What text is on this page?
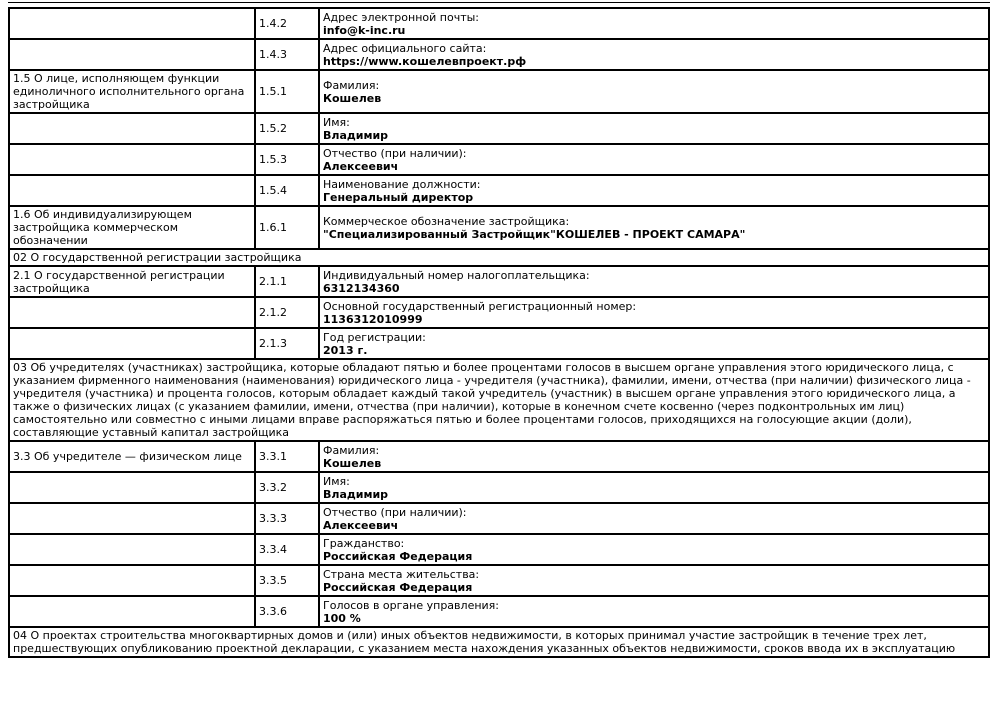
	1.4.2	Адрес электронной почты:
info@k-inc.ru

	1.4.3	Адрес официального сайта:
https://www.кошелевпроект.рф

1.5 О лице, исполняющем функции единоличного исполнительного органа застройщика	1.5.1	Фамилия:
Кошелев

	1.5.2	Имя:
Владимир

	1.5.3	Отчество (при наличии):
Алексеевич

	1.5.4	Наименование должности:
Генеральный директор

1.6 Об индивидуализирующем застройщика коммерческом обозначении	1.6.1	Коммерческое обозначение застройщика:
"Специализированный Застройщик"КОШЕЛЕВ - ПРОЕКТ САМАРА"

02 О государственной регистрации застройщика		
2.1 О государственной регистрации застройщика	2.1.1	Индивидуальный номер налогоплательщика:
6312134360

	2.1.2	Основной государственный регистрационный номер:
1136312010999

	2.1.3	Год регистрации:
2013 г.

03 Об учредителях (участниках) застройщика, которые обладают пятью и более процентами голосов в высшем органе управления этого юридического лица, с указанием фирменного наименования (наименования) юридического лица - учредителя (участника), фамилии, имени, отчества (при наличии) физического лица - учредителя (участника) и процента голосов, которым обладает каждый такой учредитель (участник) в высшем органе управления этого юридического лица, а также о физических лицах (с указанием фамилии, имени, отчества (при наличии), которые в конечном счете косвенно (через подконтрольных им лиц) самостоятельно или совместно с иными лицами вправе распоряжаться пятью и более процентами голосов, приходящихся на голосующие акции (доли), составляющие уставный капитал застройщика		
3.3 Об учредителе — физическом лице	3.3.1	Фамилия:
Кошелев

	3.3.2	Имя:
Владимир

	3.3.3	Отчество (при наличии):
Алексеевич

	3.3.4	Гражданство:
Российская Федерация

	3.3.5	Страна места жительства:
Российская Федерация

	3.3.6	Голосов в органе управления:
100 %

04 О проектах строительства многоквартирных домов и (или) иных объектов недвижимости, в которых принимал участие застройщик в течение трех лет, предшествующих опубликованию проектной декларации, с указанием места нахождения указанных объектов недвижимости, сроков ввода их в эксплуатацию		
